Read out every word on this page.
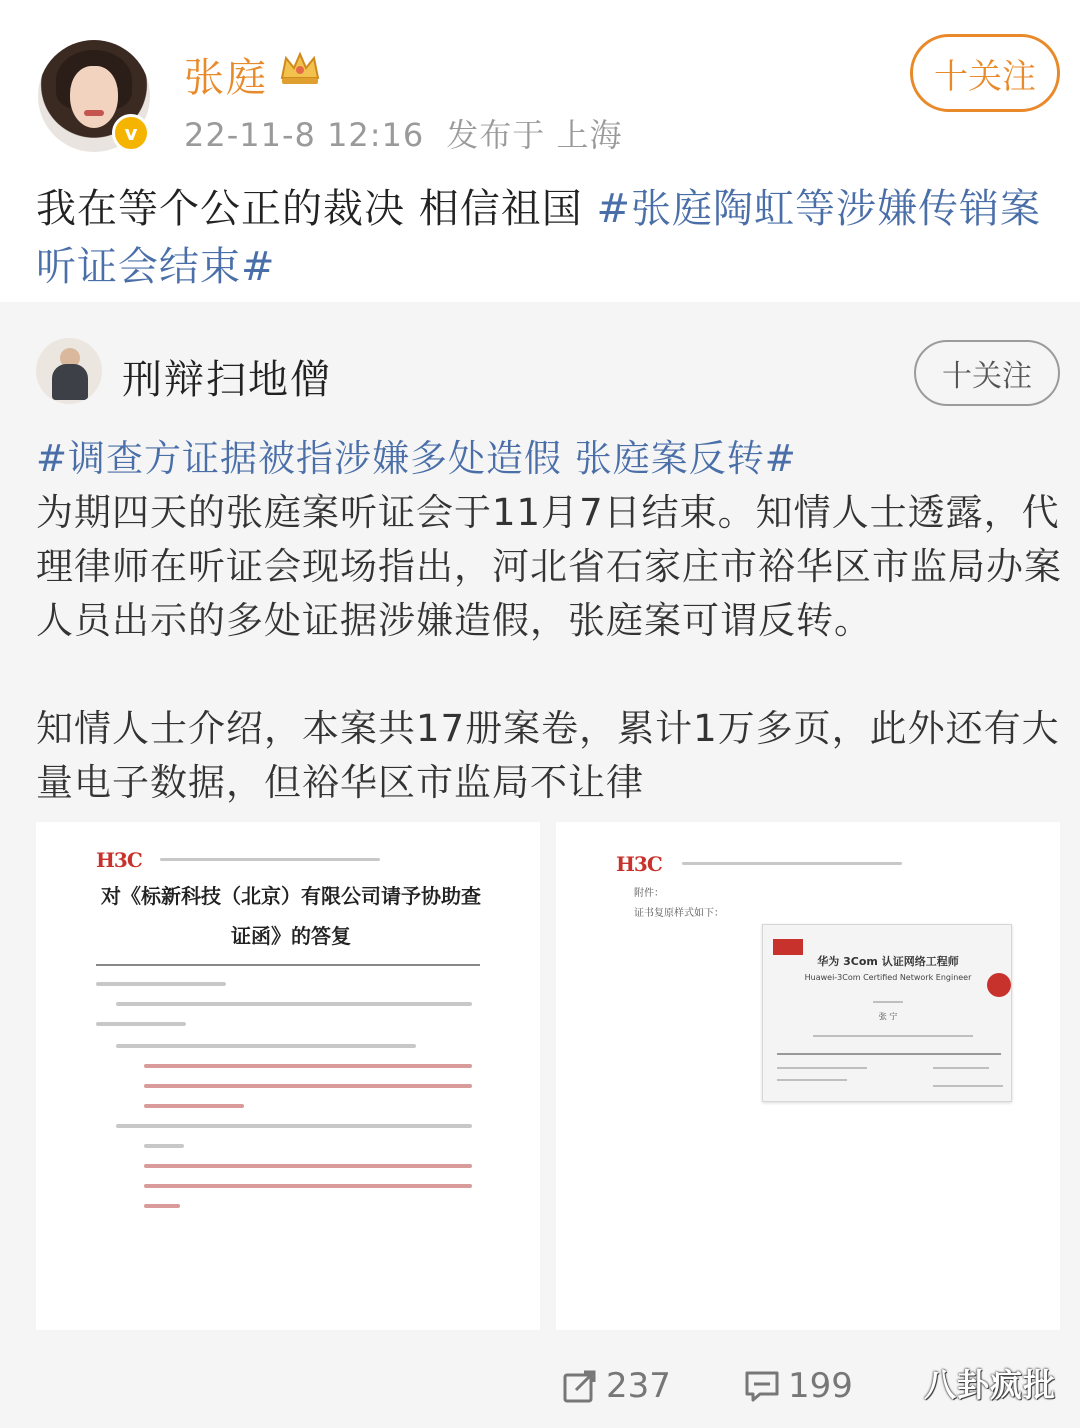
v
张庭
22-11-8 12:16 发布于 上海
十关注
我在等个公正的裁决 相信祖国 #张庭陶虹等涉嫌传销案听证会结束#
刑辩扫地僧	十关注

#调查方证据被指涉嫌多处造假 张庭案反转#

为期四天的张庭案听证会于11月7日结束。知情人士透露，代理律师在听证会现场指出，河北省石家庄市裕华区市监局办案人员出示的多处证据涉嫌造假，张庭案可谓反转。

知情人士介绍，本案共17册案卷，累计1万多页，此外还有大量电子数据，但裕华区市监局不让律

H3C
对《标新科技（北京）有限公司请予协助查
证函》的答复
H3C
附件：
证书复原样式如下：
华为 3Com 认证网络工程师
Huawei-3Com Certified Network Engineer
张 宁
237	199 八卦疯批
